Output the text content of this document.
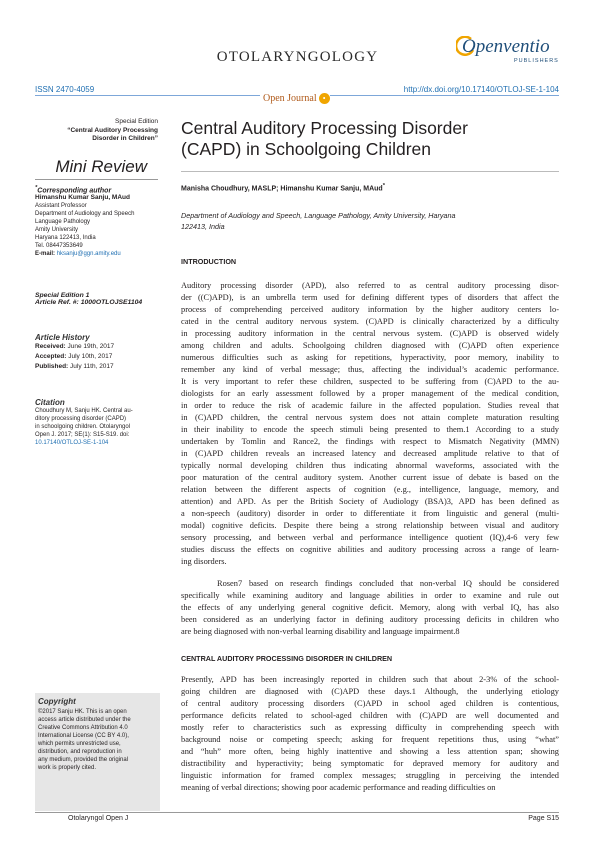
OTOLARYNGOLOGY	Openventio
PUBLISHERS
ISSN 2470-4059	http://dx.doi.org/10.17140/OTLOJ-SE-1-104
Open Journal •
Special Edition
“Central Auditory Processing
Disorder in Children”
Mini Review
*Corresponding author
Himanshu Kumar Sanju, MAud
Assistant Professor
Department of Audiology and Speech
Language Pathology
Amity University
Haryana 122413, India
Tel. 08447353649
E-mail: hksanju@ggn.amity.edu
Special Edition 1
Article Ref. #: 1000OTLOJSE1104
Article History
Received: June 19th, 2017
Accepted: July 10th, 2017
Published: July 11th, 2017
Citation
Choudhury M, Sanju HK. Central au-
ditory processing disorder (CAPD)
in schoolgoing children. Otolaryngol
Open J. 2017; SE(1): S15-S19. doi:
10.17140/OTLOJ-SE-1-104
Copyright
©2017 Sanju HK. This is an open
access article distributed under the
Creative Commons Attribution 4.0
International License (CC BY 4.0),
which permits unrestricted use,
distribution, and reproduction in
any medium, provided the original
work is properly cited.
Central Auditory Processing Disorder
(CAPD) in Schoolgoing Children
Manisha Choudhury, MASLP; Himanshu Kumar Sanju, MAud*
Department of Audiology and Speech, Language Pathology, Amity University, Haryana
122413, India
INTRODUCTION
Auditory processing disorder (APD), also referred to as central auditory processing disor-
der ((C)APD), is an umbrella term used for defining different types of disorders that affect the
process of comprehending perceived auditory information by the higher auditory centers lo-
cated in the central auditory nervous system. (C)APD is clinically characterized by a difficulty
in processing auditory information in the central nervous system. (C)APD is observed widely
among children and adults. Schoolgoing children diagnosed with (C)APD often experience
numerous difficulties such as asking for repetitions, hyperactivity, poor memory, inability to
remember any kind of verbal message; thus, affecting the individual’s academic performance.
It is very important to refer these children, suspected to be suffering from (C)APD to the au-
diologists for an early assessment followed by a proper management of the medical condition,
in order to reduce the risk of academic failure in the affected population. Studies reveal that
in (C)APD children, the central nervous system does not attain complete maturation resulting
in their inability to encode the speech stimuli being presented to them.1 According to a study
undertaken by Tomlin and Rance2, the findings with respect to Mismatch Negativity (MMN)
in (C)APD children reveals an increased latency and decreased amplitude relative to that of
typically normal developing children thus indicating abnormal waveforms, associated with the
poor maturation of the central auditory system. Another current issue of debate is based on the
relation between the different aspects of cognition (e.g., intelligence, language, memory, and
attention) and APD. As per the British Society of Audiology (BSA)3, APD has been defined as
a non-speech (auditory) disorder in order to differentiate it from linguistic and general (multi-
modal) cognitive deficits. Despite there being a strong relationship between visual and auditory
sensory processing, and between verbal and performance intelligence quotient (IQ),4-6 very few
studies discuss the effects on cognitive abilities and auditory processing across a range of learn-
ing disorders.
Rosen7 based on research findings concluded that non-verbal IQ should be considered
specifically while examining auditory and language abilities in order to examine and rule out
the effects of any underlying general cognitive deficit. Memory, along with verbal IQ, has also
been considered as an underlying factor in defining auditory processing deficits in children who
are being diagnosed with non-verbal learning disability and language impairment.8
CENTRAL AUDITORY PROCESSING DISORDER IN CHILDREN
Presently, APD has been increasingly reported in children such that about 2-3% of the school-
going children are diagnosed with (C)APD these days.1 Although, the underlying etiology
of central auditory processing disorders (C)APD in school aged children is contentious,
performance deficits related to school-aged children with (C)APD are well documented and
mostly refer to characteristics such as expressing difficulty in comprehending speech with
background noise or competing speech; asking for frequent repetitions thus, using “what”
and “huh” more often, being highly inattentive and showing a less attention span; showing
distractibility and hyperactivity; being symptomatic for depraved memory for auditory and
linguistic information for framed complex messages; struggling in perceiving the intended
meaning of verbal directions; showing poor academic performance and reading difficulties on
Otolaryngol Open J	Page S15
